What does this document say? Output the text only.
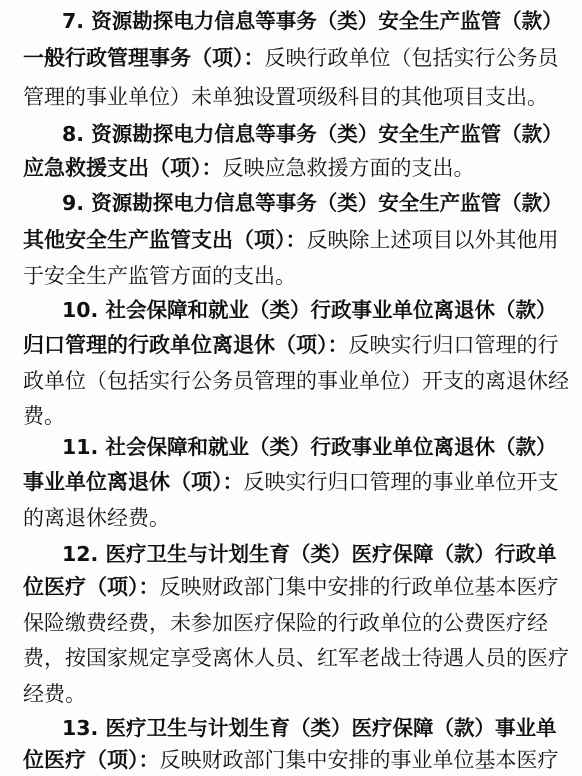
7. 资源勘探电力信息等事务（类）安全生产监管（款）
一般行政管理事务（项）：反映行政单位（包括实行公务员
管理的事业单位）未单独设置项级科目的其他项目支出。
8. 资源勘探电力信息等事务（类）安全生产监管（款）
应急救援支出（项）：反映应急救援方面的支出。
9. 资源勘探电力信息等事务（类）安全生产监管（款）
其他安全生产监管支出（项）：反映除上述项目以外其他用
于安全生产监管方面的支出。
10. 社会保障和就业（类）行政事业单位离退休（款）
归口管理的行政单位离退休（项）：反映实行归口管理的行
政单位（包括实行公务员管理的事业单位）开支的离退休经
费。
11. 社会保障和就业（类）行政事业单位离退休（款）
事业单位离退休（项）：反映实行归口管理的事业单位开支
的离退休经费。
12. 医疗卫生与计划生育（类）医疗保障（款）行政单
位医疗（项）：反映财政部门集中安排的行政单位基本医疗
保险缴费经费，未参加医疗保险的行政单位的公费医疗经
费，按国家规定享受离休人员、红军老战士待遇人员的医疗
经费。
13. 医疗卫生与计划生育（类）医疗保障（款）事业单
位医疗（项）：反映财政部门集中安排的事业单位基本医疗
